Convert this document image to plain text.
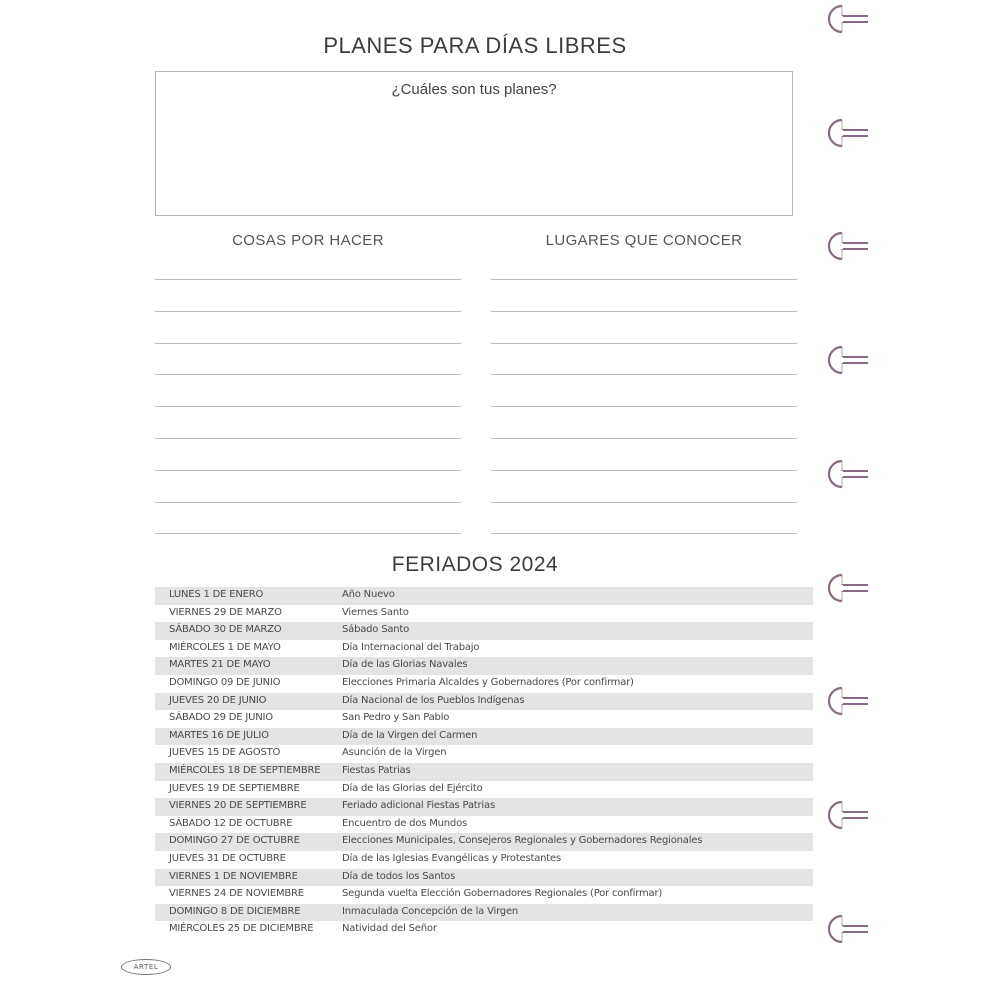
PLANES PARA DÍAS LIBRES
¿Cuáles son tus planes?
COSAS POR HACER	LUGARES QUE CONOCER
FERIADOS 2024
LUNES 1 DE ENERO	Año Nuevo
VIERNES 29 DE MARZO	Viernes Santo
SÁBADO 30 DE MARZO	Sábado Santo
MIÉRCOLES 1 DE MAYO	Día Internacional del Trabajo
MARTES 21 DE MAYO	Día de las Glorias Navales
DOMINGO 09 DE JUNIO	Elecciones Primaria Alcaldes y Gobernadores (Por confirmar)
JUEVES 20 DE JUNIO	Día Nacional de los Pueblos Indígenas
SÁBADO 29 DE JUNIO	San Pedro y San Pablo
MARTES 16 DE JULIO	Día de la Virgen del Carmen
JUEVES 15 DE AGOSTO	Asunción de la Virgen
MIÉRCOLES 18 DE SEPTIEMBRE Fiestas Patrias
JUEVES 19 DE SEPTIEMBRE	Día de las Glorias del Ejército
VIERNES 20 DE SEPTIEMBRE	Feriado adicional Fiestas Patrias
SÁBADO 12 DE OCTUBRE	Encuentro de dos Mundos
DOMINGO 27 DE OCTUBRE	Elecciones Municipales, Consejeros Regionales y Gobernadores Regionales
JUEVES 31 DE OCTUBRE	Día de las Iglesias Evangélicas y Protestantes
VIERNES 1 DE NOVIEMBRE	Día de todos los Santos
VIERNES 24 DE NOVIEMBRE	Segunda vuelta Elección Gobernadores Regionales (Por confirmar)
DOMINGO 8 DE DICIEMBRE	Inmaculada Concepción de la Virgen
MIÉRCOLES 25 DE DICIEMBRE	Natividad del Señor
ARTEL
